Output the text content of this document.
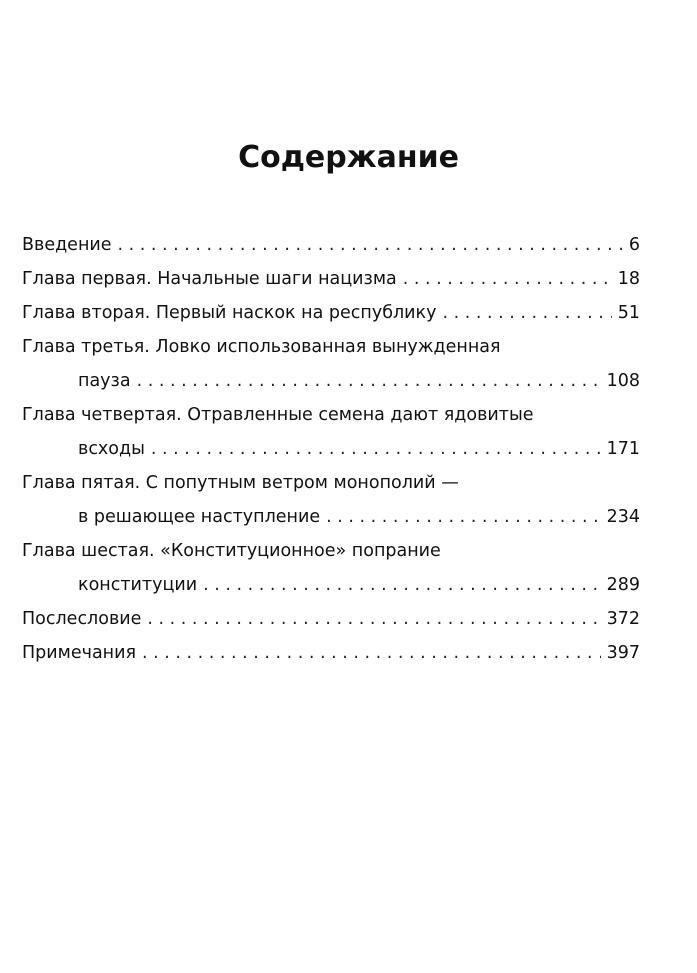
Содержание
Введение . . .	6
Глава первая. Начальные шаги нацизма . . .	18
Глава вторая. Первый наскок на республику . . .	51
Глава третья. Ловко использованная вынужденная
пауза . . .	108
Глава четвертая. Отравленные семена дают ядовитые
всходы . . .	171
Глава пятая. С попутным ветром монополий —
в решающее наступление . . .	234
Глава шестая. «Конституционное» попрание
конституции . . .	289
Послесловие . . .	372
Примечания . . .	397
